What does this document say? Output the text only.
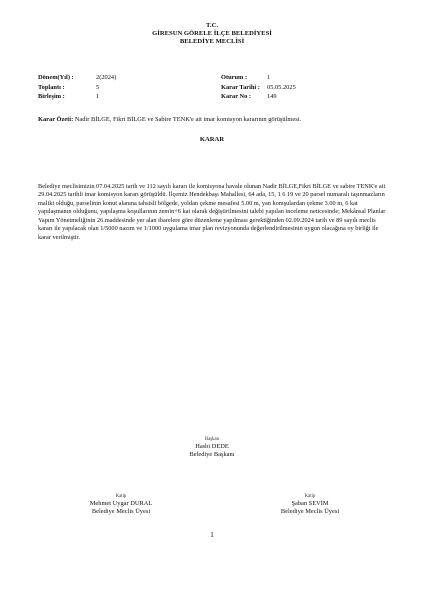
T.C.
GİRESUN GÖRELE İLÇE BELEDİYESİ
BELEDİYE MECLİSİ
Dönem(Yıl) :	2(2024)
Toplantı :	5
Birleşim :	1
Oturum :	1
Karar Tarihi :	05.05.2025
Karar No :	149
Karar Özeti: Nadir BİLGE, Fikri BİLGE ve Sabire TENK'e ait imar komisyon kararının görüşülmesi.
KARAR
Belediye meclisimizin 07.04.2025 tarih ve 112 sayılı kararı ile komisyona havale olunan Nadir BİLGE,Fikri BİLGE ve sabire TENK'e ait 29.04.2025 tarihli imar komisyon kararı görüşüldü. İlçemiz Hendekbaşı Mahallesi, 64 ada, 15, 1 6 19 ve 20 parsel numaralı taşınmazların maliki olduğu, parselinin konut alanına tahsisli bölgede, yoldan çekme mesafesi 5.00 m, yan komşulardan çekme 3.00 m, 6 kat yapılaşmanın olduğunu, yapılaşma koşullarının zemin+6 kat olarak değiştirilmesini talebi yapılan inceleme neticesinde; Mekânsal Planlar Yapım Yönetmeliğinin 26.maddesinde yer alan ibarelere göre düzenleme yapılması gerektiğinden 02.09.2024 tarih ve 89 sayılı meclis kararı ile yapılacak olan 1/5000 nazım ve 1/1000 uygulama imar plan revizyonunda değerlendirilmesinin uygun olacağına oy birliği ile karar verilmiştir.
Başkan
Hasbi DEDE
Belediye Başkanı
Katip
Mehmet Uygar DURAL
Belediye Meclis Üyesi
Katip
Şaban SEVİM
Belediye Meclis Üyesi
1
